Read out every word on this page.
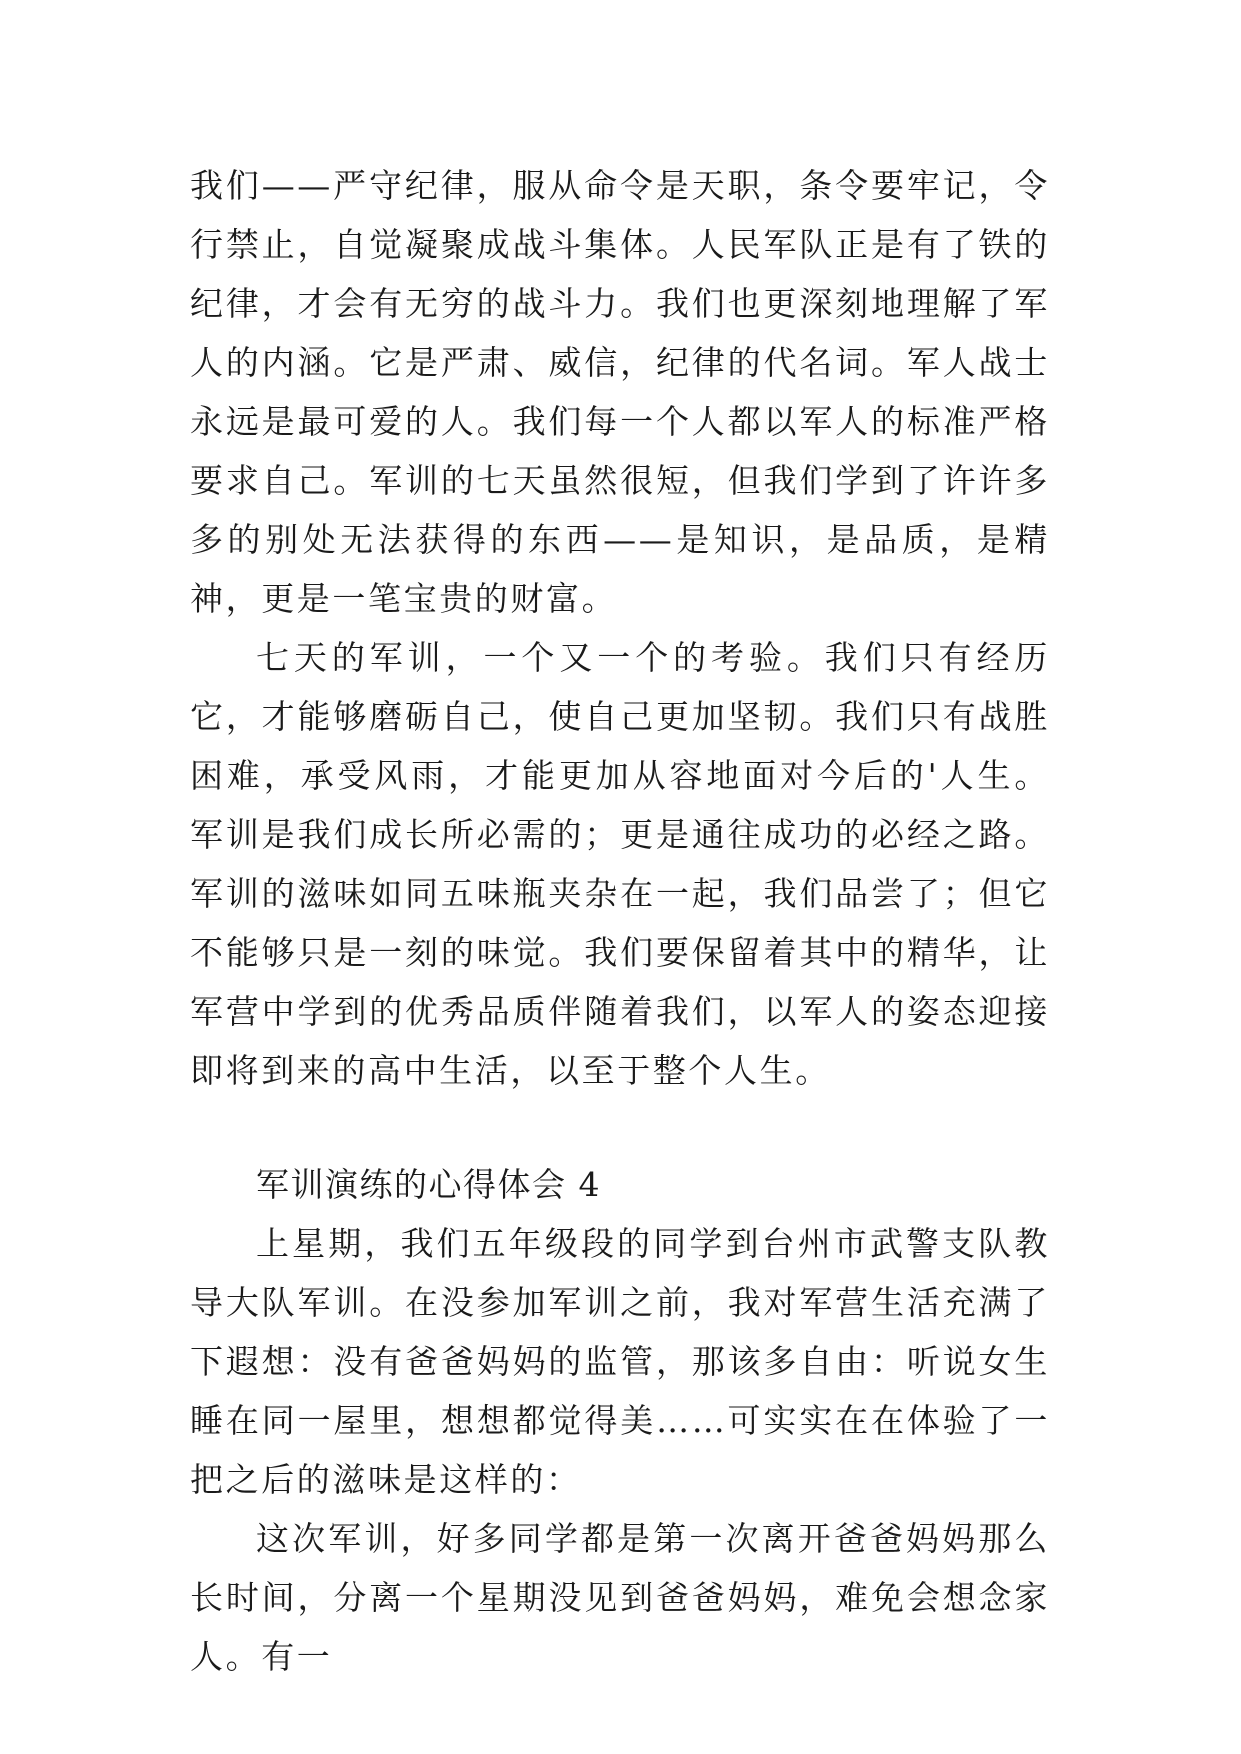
我们——严守纪律，服从命令是天职，条令要牢记，令行禁止，自觉凝聚成战斗集体。人民军队正是有了铁的纪律，才会有无穷的战斗力。我们也更深刻地理解了军人的内涵。它是严肃、威信，纪律的代名词。军人战士永远是最可爱的人。我们每一个人都以军人的标准严格要求自己。军训的七天虽然很短，但我们学到了许许多多的别处无法获得的东西——是知识，是品质，是精神，更是一笔宝贵的财富。

七天的军训，一个又一个的考验。我们只有经历它，才能够磨砺自己，使自己更加坚韧。我们只有战胜困难，承受风雨，才能更加从容地面对今后的'人生。军训是我们成长所必需的；更是通往成功的必经之路。军训的滋味如同五味瓶夹杂在一起，我们品尝了；但它不能够只是一刻的味觉。我们要保留着其中的精华，让军营中学到的优秀品质伴随着我们，以军人的姿态迎接即将到来的高中生活，以至于整个人生。

军训演练的心得体会 4

上星期，我们五年级段的同学到台州市武警支队教导大队军训。在没参加军训之前，我对军营生活充满了下遐想：没有爸爸妈妈的监管，那该多自由：听说女生睡在同一屋里，想想都觉得美……可实实在在体验了一把之后的滋味是这样的：

这次军训，好多同学都是第一次离开爸爸妈妈那么长时间，分离一个星期没见到爸爸妈妈，难免会想念家人。有一
